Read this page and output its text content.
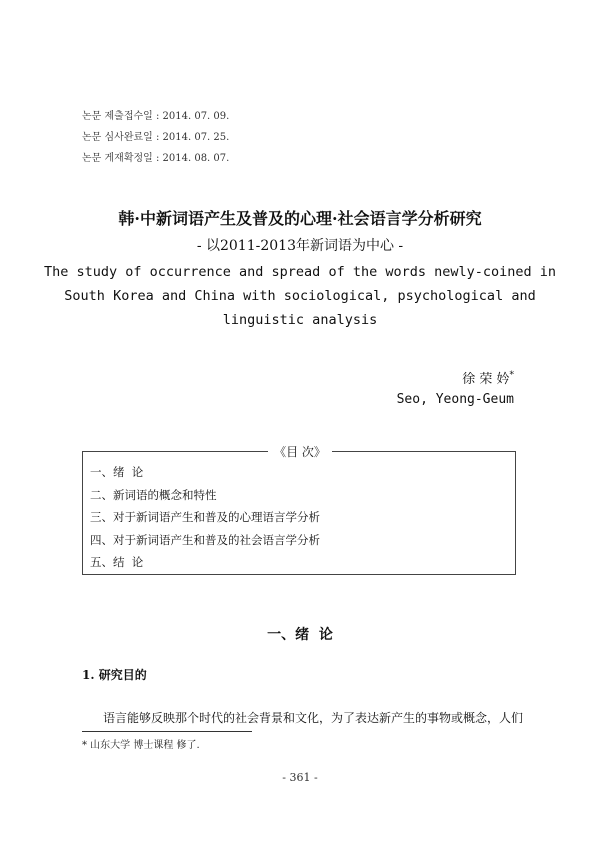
논문 제출접수일 : 2014. 07. 09.
논문 심사완료일 : 2014. 07. 25.
논문 게재확정일 : 2014. 08. 07.
韩·中新词语产生及普及的心理·社会语言学分析研究
- 以2011-2013年新词语为中心 -
The study of occurrence and spread of the words newly-coined in
South Korea and China with sociological, psychological and
linguistic analysis
徐 荣 妗*
Seo, Yeong-Geum
《目 次》
一、绪  论
二、新词语的概念和特性
三、对于新词语产生和普及的心理语言学分析
四、对于新词语产生和普及的社会语言学分析
五、结  论
一、绪  论
1. 研究目的
语言能够反映那个时代的社会背景和文化，为了表达新产生的事物或概念，人们
* 山东大学 博士课程 修了.
- 361 -
